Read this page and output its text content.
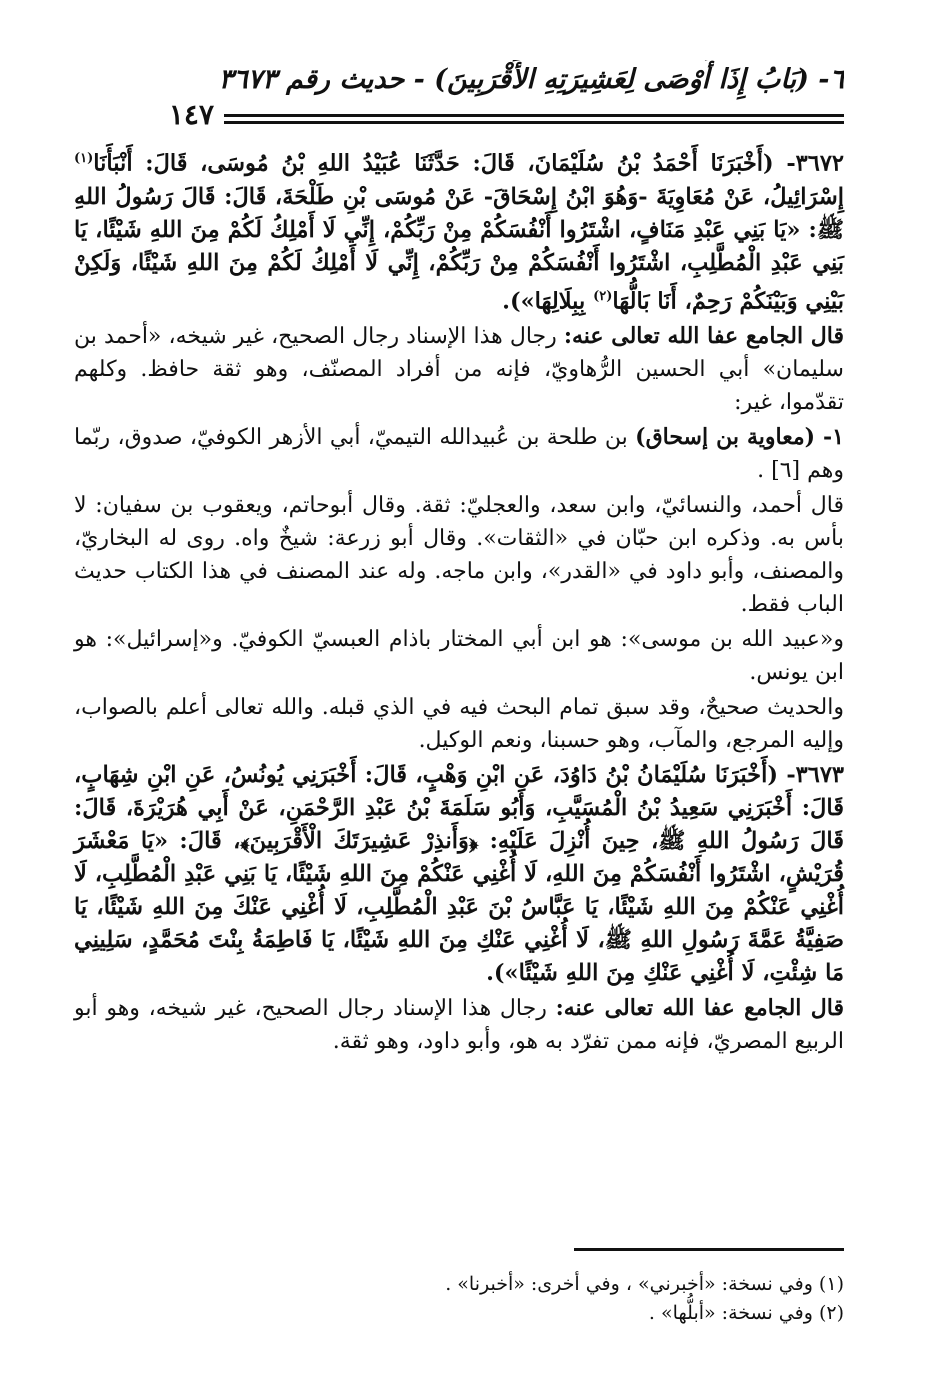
٦- (بَابُ إِذَا أَوْصَى لِعَشِيرَتِهِ الأَقْرَبِينَ) - حديث رقم ٣٦٧٣
١٤٧

٣٦٧٢- (أَخْبَرَنَا أَحْمَدُ بْنُ سُلَيْمَانَ، قَالَ: حَدَّثَنَا عُبَيْدُ اللهِ بْنُ مُوسَى، قَالَ: أَنْبَأَنَا$^{(١)}$ إِسْرَائِيلُ، عَنْ مُعَاوِيَةَ -وَهُوَ ابْنُ إِسْحَاقَ- عَنْ مُوسَى بْنِ طَلْحَةَ، قَالَ: قَالَ رَسُولُ اللهِ ﷺ: «يَا بَنِي عَبْدِ مَنَافٍ، اشْتَرُوا أَنْفُسَكُمْ مِنْ رَبِّكُمْ، إِنِّي لَا أَمْلِكُ لَكُمْ مِنَ اللهِ شَيْئًا، يَا بَنِي عَبْدِ الْمُطَّلِبِ، اشْتَرُوا أَنْفُسَكُمْ مِنْ رَبِّكُمْ، إِنِّي لَا أَمْلِكُ لَكُمْ مِنَ اللهِ شَيْئًا، وَلَكِنْ بَيْنِي وَبَيْنَكُمْ رَحِمٌ، أَنَا بَالُّهَا$^{(٢)}$ بِبِلَالِهَا»).

قال الجامع عفا الله تعالى عنه: رجال هذا الإسناد رجال الصحيح، غير شيخه، «أحمد بن سليمان» أبي الحسين الرُّهاويّ، فإنه من أفراد المصنّف، وهو ثقة حافظ. وكلهم تقدّموا، غير:

١- (معاوية بن إسحاق) بن طلحة بن عُبيدالله التيميّ، أبي الأزهر الكوفيّ، صدوق، ربّما وهم [٦] .

قال أحمد، والنسائيّ، وابن سعد، والعجليّ: ثقة. وقال أبوحاتم، ويعقوب بن سفيان: لا بأس به. وذكره ابن حبّان في «الثقات». وقال أبو زرعة: شيخٌ واه. روى له البخاريّ، والمصنف، وأبو داود في «القدر»، وابن ماجه. وله عند المصنف في هذا الكتاب حديث الباب فقط.

و«عبيد الله بن موسى»: هو ابن أبي المختار باذام العبسيّ الكوفيّ. و«إسرائيل»: هو ابن يونس.

والحديث صحيحٌ، وقد سبق تمام البحث فيه في الذي قبله. والله تعالى أعلم بالصواب، وإليه المرجع، والمآب، وهو حسبنا، ونعم الوكيل.

٣٦٧٣- (أَخْبَرَنَا سُلَيْمَانُ بْنُ دَاوُدَ، عَنِ ابْنِ وَهْبٍ، قَالَ: أَخْبَرَنِي يُونُسُ، عَنِ ابْنِ شِهَابٍ، قَالَ: أَخْبَرَنِي سَعِيدُ بْنُ الْمُسَيَّبِ، وَأَبُو سَلَمَةَ بْنُ عَبْدِ الرَّحْمَنِ، عَنْ أَبِي هُرَيْرَةَ، قَالَ: قَالَ رَسُولُ اللهِ ﷺ، حِينَ أُنْزِلَ عَلَيْهِ: ﴿وَأَنذِرْ عَشِيرَتَكَ الْأَقْرَبِينَ﴾، قَالَ: «يَا مَعْشَرَ قُرَيْشٍ، اشْتَرُوا أَنْفُسَكُمْ مِنَ اللهِ، لَا أُغْنِي عَنْكُمْ مِنَ اللهِ شَيْئًا، يَا بَنِي عَبْدِ الْمُطَّلِبِ، لَا أُغْنِي عَنْكُمْ مِنَ اللهِ شَيْئًا، يَا عَبَّاسُ بْنَ عَبْدِ الْمُطَّلِبِ، لَا أُغْنِي عَنْكَ مِنَ اللهِ شَيْئًا، يَا صَفِيَّةُ عَمَّةَ رَسُولِ اللهِ ﷺ، لَا أُغْنِي عَنْكِ مِنَ اللهِ شَيْئًا، يَا فَاطِمَةُ بِنْتَ مُحَمَّدٍ، سَلِينِي مَا شِئْتِ، لَا أُغْنِي عَنْكِ مِنَ اللهِ شَيْئًا»).

قال الجامع عفا الله تعالى عنه: رجال هذا الإسناد رجال الصحيح، غير شيخه، وهو أبو الربيع المصريّ، فإنه ممن تفرّد به هو، وأبو داود، وهو ثقة.

(١) وفي نسخة: «أخبرني» ، وفي أخرى: «أخبرنا» .

(٢) وفي نسخة: «أبلُّها» .
